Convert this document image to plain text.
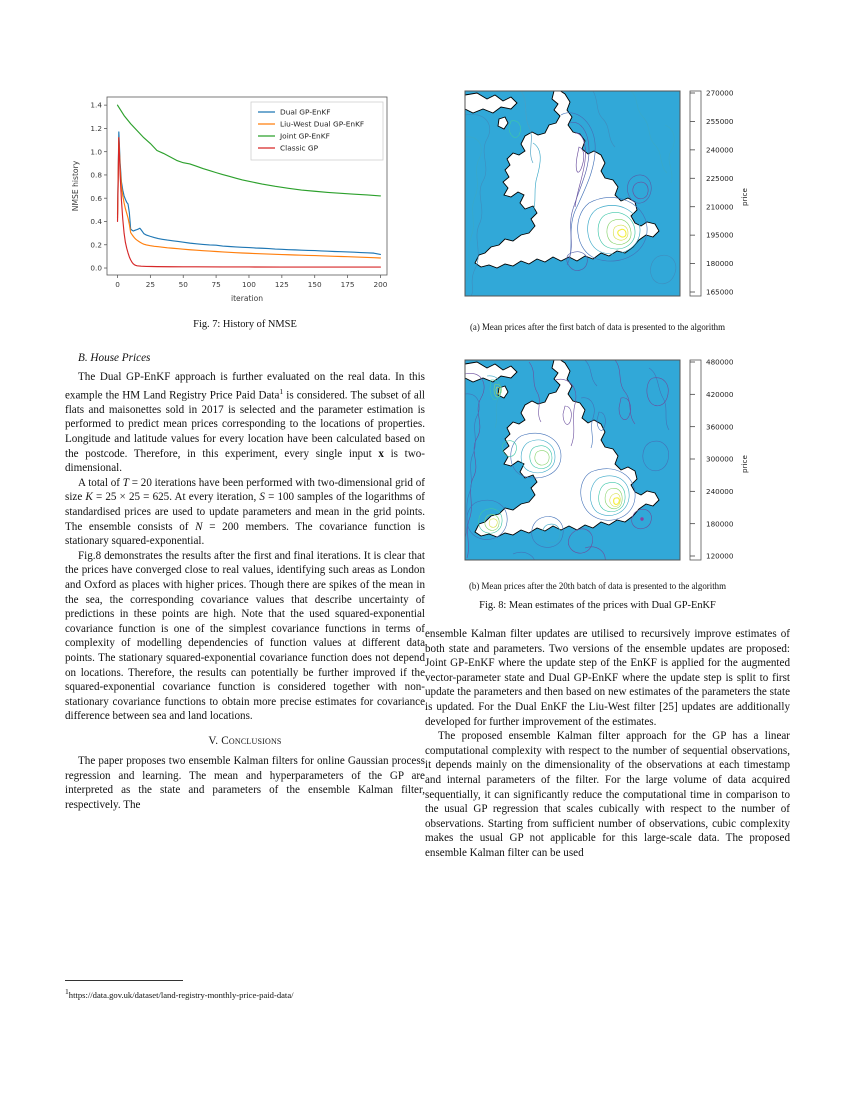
0.0
0.2
0.4
0.6
0.8
1.0
1.2
1.4
0	25	50	75	100	125	150	175	200
iteration
NMSE history
Dual GP-EnKF
Liu-West Dual GP-EnKF
Joint GP-EnKF
Classic GP
Fig. 7: History of NMSE
B. House Prices

The Dual GP-EnKF approach is further evaluated on the real data. In this example the HM Land Registry Price Paid Data$^1$ is considered. The subset of all flats and maisonettes sold in 2017 is selected and the parameter estimation is performed to predict mean prices corresponding to the locations of properties. Longitude and latitude values for every location have been calculated based on the postcode. Therefore, in this experiment, every single input x is two-dimensional.

A total of T = 20 iterations have been performed with two-dimensional grid of size K = 25 × 25 = 625. At every iteration, S = 100 samples of the logarithms of standardised prices are used to update parameters and mean in the grid points. The ensemble consists of N = 200 members. The covariance function is stationary squared-exponential.

Fig.8 demonstrates the results after the first and final iterations. It is clear that the prices have converged close to real values, identifying such areas as London and Oxford as places with higher prices. Though there are spikes of the mean in the sea, the corresponding covariance values that describe uncertainty of predictions in these points are high. Note that the used squared-exponential covariance function is one of the simplest covariance functions in terms of complexity of modelling dependencies of function values at different data points. The stationary squared-exponential covariance function does not depend on locations. Therefore, the results can potentially be further improved if the squared-exponential covariance function is considered together with non-stationary covariance functions to obtain more precise estimates for covariance difference between sea and land locations.

V. Conclusions

The paper proposes two ensemble Kalman filters for online Gaussian process regression and learning. The mean and hyperparameters of the GP are interpreted as the state and parameters of the ensemble Kalman filter, respectively. The

$^1$https://data.gov.uk/dataset/land-registry-monthly-price-paid-data/

270000
255000
240000
225000
210000
195000
180000
165000
price
(a) Mean prices after the first batch of data is presented to the algorithm
480000
420000
360000
300000
240000
180000
120000
price
(b) Mean prices after the 20th batch of data is presented to the algorithm
Fig. 8: Mean estimates of the prices with Dual GP-EnKF

ensemble Kalman filter updates are utilised to recursively improve estimates of both state and parameters. Two versions of the ensemble updates are proposed: Joint GP-EnKF where the update step of the EnKF is applied for the augmented vector-parameter state and Dual GP-EnKF where the update step is split to first update the parameters and then based on new estimates of the parameters the state is updated. For the Dual EnKF the Liu-West filter [25] updates are additionally developed for further improvement of the estimates.

The proposed ensemble Kalman filter approach for the GP has a linear computational complexity with respect to the number of sequential observations, it depends mainly on the dimensionality of the observations at each timestamp and internal parameters of the filter. For the large volume of data acquired sequentially, it can significantly reduce the computational time in comparison to the usual GP regression that scales cubically with respect to the number of observations. Starting from sufficient number of observations, cubic complexity makes the usual GP not applicable for this large-scale data. The proposed ensemble Kalman filter can be used
